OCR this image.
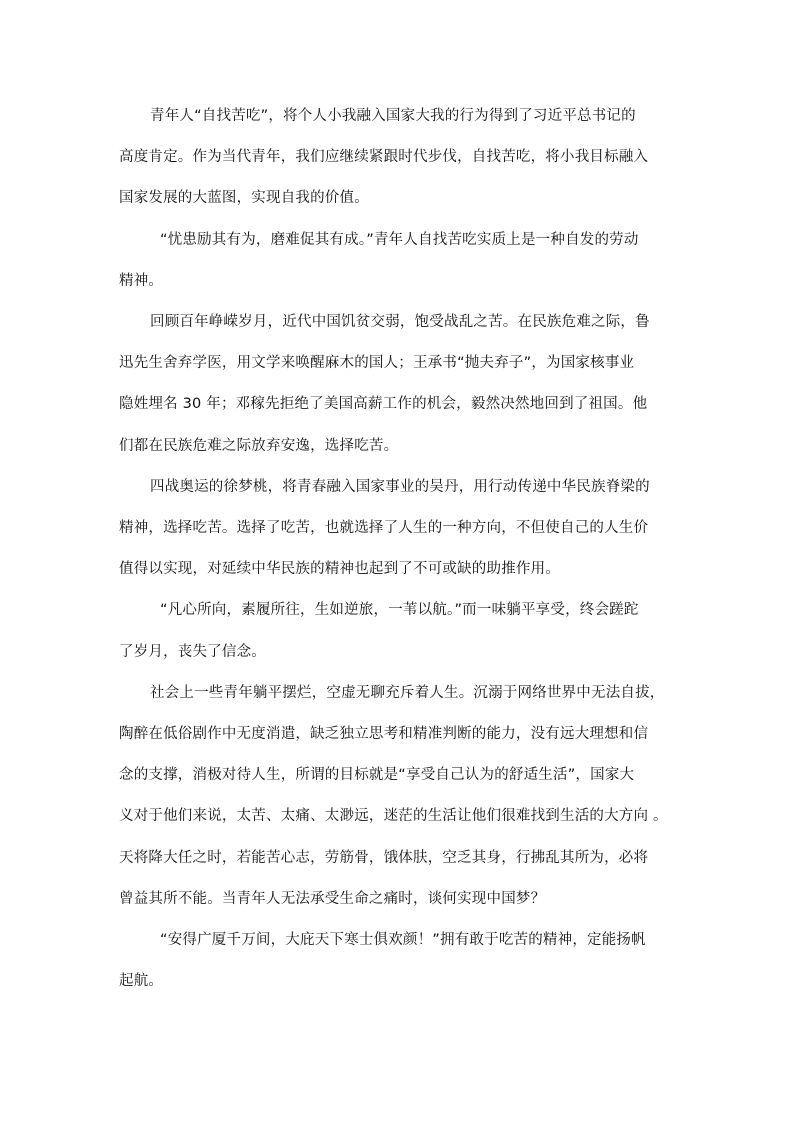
青年人“自找苦吃”，将个人小我融入国家大我的行为得到了习近平总书记的
高度肯定。作为当代青年，我们应继续紧跟时代步伐，自找苦吃，将小我目标融入
国家发展的大蓝图，实现自我的价值。
“忧患励其有为，磨难促其有成。”青年人自找苦吃实质上是一种自发的劳动
精神。
回顾百年峥嵘岁月，近代中国饥贫交弱，饱受战乱之苦。在民族危难之际，鲁
迅先生舍弃学医，用文学来唤醒麻木的国人；王承书“抛夫弃子”，为国家核事业
隐姓埋名 30 年；邓稼先拒绝了美国高薪工作的机会，毅然决然地回到了祖国。他
们都在民族危难之际放弃安逸，选择吃苦。
四战奥运的徐梦桃，将青春融入国家事业的吴丹，用行动传递中华民族脊梁的
精神，选择吃苦。选择了吃苦，也就选择了人生的一种方向，不但使自己的人生价
值得以实现，对延续中华民族的精神也起到了不可或缺的助推作用。
“凡心所向，素履所往，生如逆旅，一苇以航。”而一味躺平享受，终会蹉跎
了岁月，丧失了信念。
社会上一些青年躺平摆烂，空虚无聊充斥着人生。沉溺于网络世界中无法自拔，
陶醉在低俗剧作中无度消遣，缺乏独立思考和精准判断的能力，没有远大理想和信
念的支撑，消极对待人生，所谓的目标就是“享受自己认为的舒适生活”，国家大
义对于他们来说，太苦、太痛、太渺远，迷茫的生活让他们很难找到生活的大方向 。
天将降大任之时，若能苦心志，劳筋骨，饿体肤，空乏其身，行拂乱其所为，必将
曾益其所不能。当青年人无法承受生命之痛时，谈何实现中国梦？
“安得广厦千万间，大庇天下寒士俱欢颜！”拥有敢于吃苦的精神，定能扬帆
起航。
